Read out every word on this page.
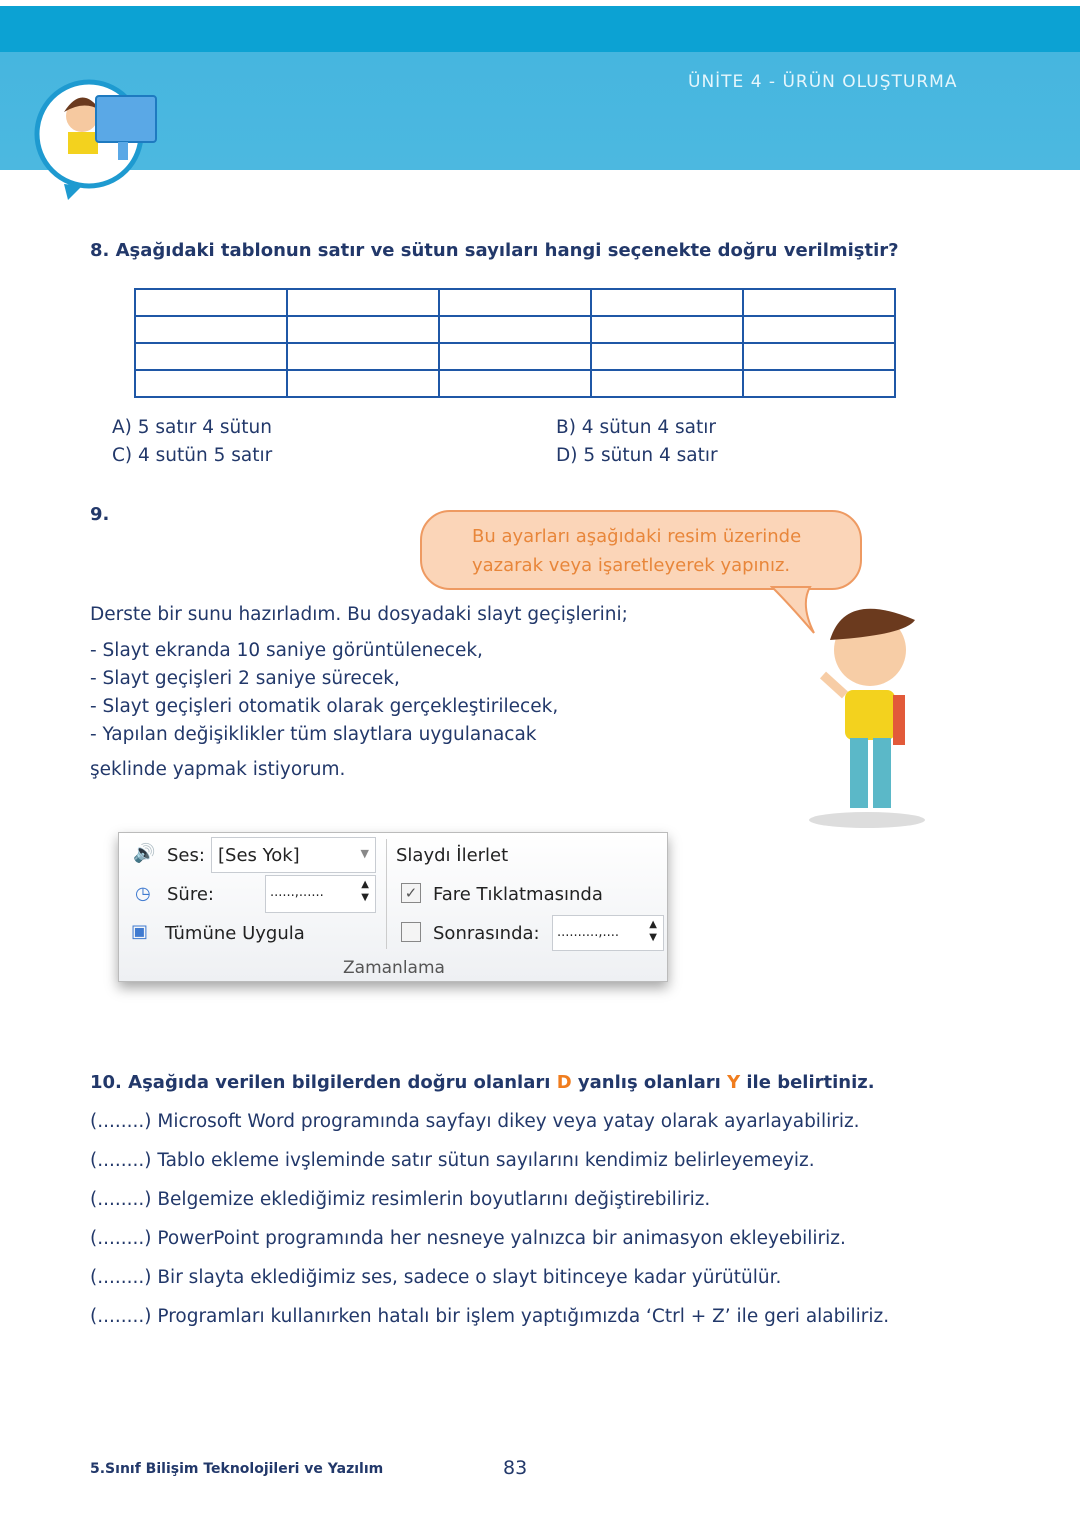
ÜNİTE 4 - ÜRÜN OLUŞTURMA
8. Aşağıdaki tablonun satır ve sütun sayıları hangi seçenekte doğru verilmiştir?

A) 5 satır 4 sütun	B) 4 sütun 4 satır
C) 4 sutün 5 satır	D) 5 sütun 4 satır
9.
Bu ayarları aşağıdaki resim üzerinde
yazarak veya işaretleyerek yapınız.
Derste bir sunu hazırladım. Bu dosyadaki slayt geçişlerini;
- Slayt ekranda 10 saniye görüntülenecek,
- Slayt geçişleri 2 saniye sürecek,
- Slayt geçişleri otomatik olarak gerçekleştirilecek,
- Yapılan değişiklikler tüm slaytlara uygulanacak
şeklinde yapmak istiyorum.
🔊 Ses: [Ses Yok]	▼
◷ Süre:	......,......
▲
▼
▣ Tümüne Uygula
Slaydı İlerlet
✓ Fare Tıklatmasında
Sonrasında:	..........,....
▲
▼
Zamanlama
10. Aşağıda verilen bilgilerden doğru olanları D yanlış olanları Y ile belirtiniz.
(........) Microsoft Word programında sayfayı dikey veya yatay olarak ayarlayabiliriz.
(........) Tablo ekleme ivşleminde satır sütun sayılarını kendimiz belirleyemeyiz.
(........) Belgemize eklediğimiz resimlerin boyutlarını değiştirebiliriz.
(........) PowerPoint programında her nesneye yalnızca bir animasyon ekleyebiliriz.
(........) Bir slayta eklediğimiz ses, sadece o slayt bitinceye kadar yürütülür.
(........) Programları kullanırken hatalı bir işlem yaptığımızda ‘Ctrl + Z’ ile geri alabiliriz.
5.Sınıf Bilişim Teknolojileri ve Yazılım	83
